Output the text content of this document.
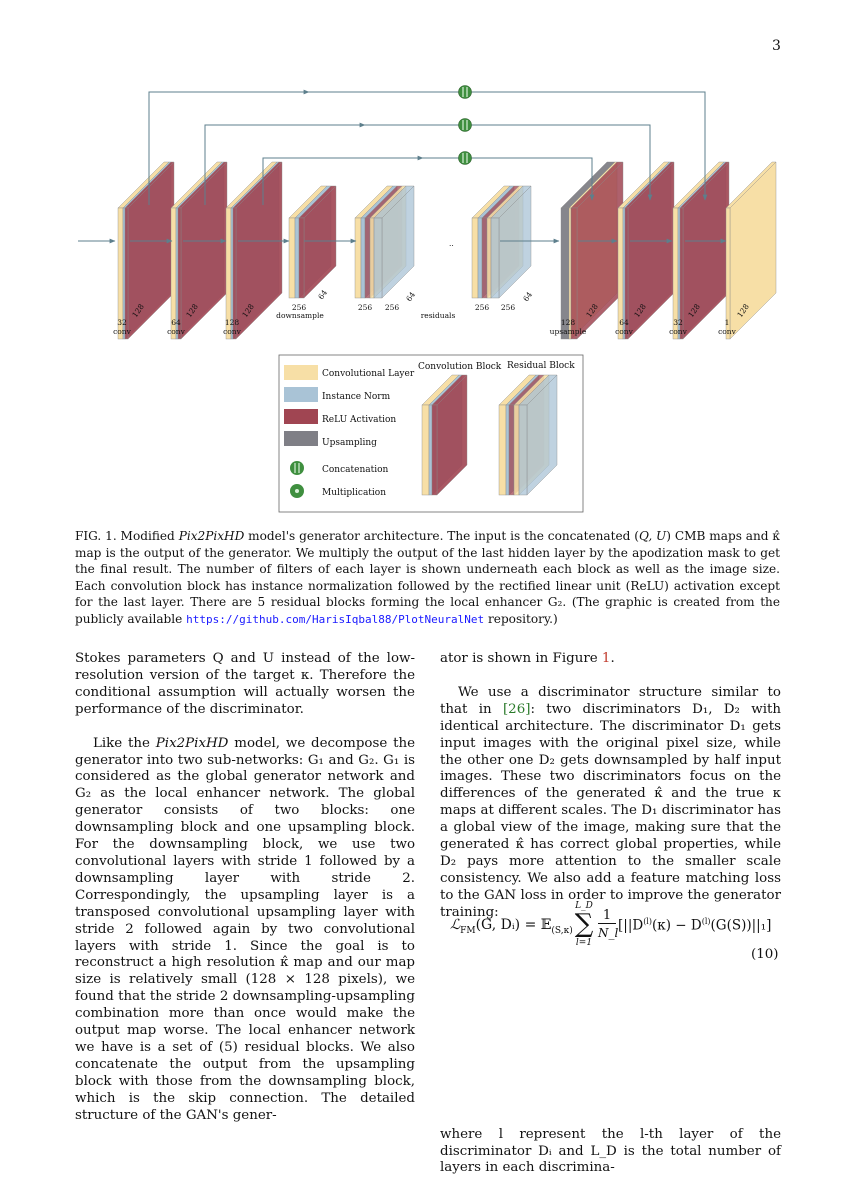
3
..
32
conv
128
64
conv
128
128
conv
128
64
conv
128
32
conv
128
1
conv
128
256
downsample
64
256 256
64
residuals
256 256
64
128
upsample
128
Convolutional Layer
Instance Norm
ReLU Activation
Upsampling
Concatenation
Multiplication
Convolution Block Residual Block
FIG. 1. Modified Pix2PixHD model's generator architecture. The input is the concatenated (Q, U) CMB maps and κ̂ map is the output of the generator. We multiply the output of the last hidden layer by the apodization mask to get the final result. The number of filters of each layer is shown underneath each block as well as the image size. Each convolution block has instance normalization followed by the rectified linear unit (ReLU) activation except for the last layer. There are 5 residual blocks forming the local enhancer G₂. (The graphic is created from the publicly available https://github.com/HarisIqbal88/PlotNeuralNet repository.)

Stokes parameters Q and U instead of the low-resolution version of the target κ. Therefore the conditional assumption will actually worsen the performance of the discriminator.

Like the Pix2PixHD model, we decompose the generator into two sub-networks: G₁ and G₂. G₁ is considered as the global generator network and G₂ as the local enhancer network. The global generator consists of two blocks: one downsampling block and one upsampling block. For the downsampling block, we use two convolutional layers with stride 1 followed by a downsampling layer with stride 2. Correspondingly, the upsampling layer is a transposed convolutional upsampling layer with stride 2 followed again by two convolutional layers with stride 1. Since the goal is to reconstruct a high resolution κ̂ map and our map size is relatively small (128 × 128 pixels), we found that the stride 2 downsampling-upsampling combination more than once would make the output map worse. The local enhancer network we have is a set of (5) residual blocks. We also concatenate the output from the upsampling block with those from the downsampling block, which is the skip connection. The detailed structure of the GAN's gener-

ator is shown in Figure 1.

We use a discriminator structure similar to that in [26]: two discriminators D₁, D₂ with identical architecture. The discriminator D₁ gets input images with the original pixel size, while the other one D₂ gets downsampled by half input images. These two discriminators focus on the differences of the generated κ̂ and the true κ maps at different scales. The D₁ discriminator has a global view of the image, making sure that the generated κ̂ has correct global properties, while D₂ pays more attention to the smaller scale consistency. We also add a feature matching loss to the GAN loss in order to improve the generator training:

where l represent the l-th layer of the discriminator Dᵢ and L_D is the total number of layers in each discrimina-

ℒ$_{FM}$(G, Dᵢ) = 𝔼$_{(S,\kappa)}$
L_D
∑
l=1
1
N_l $[||D^{(l)}(\kappa) - D^{(l)}(G(S))||_1]$
(10)
